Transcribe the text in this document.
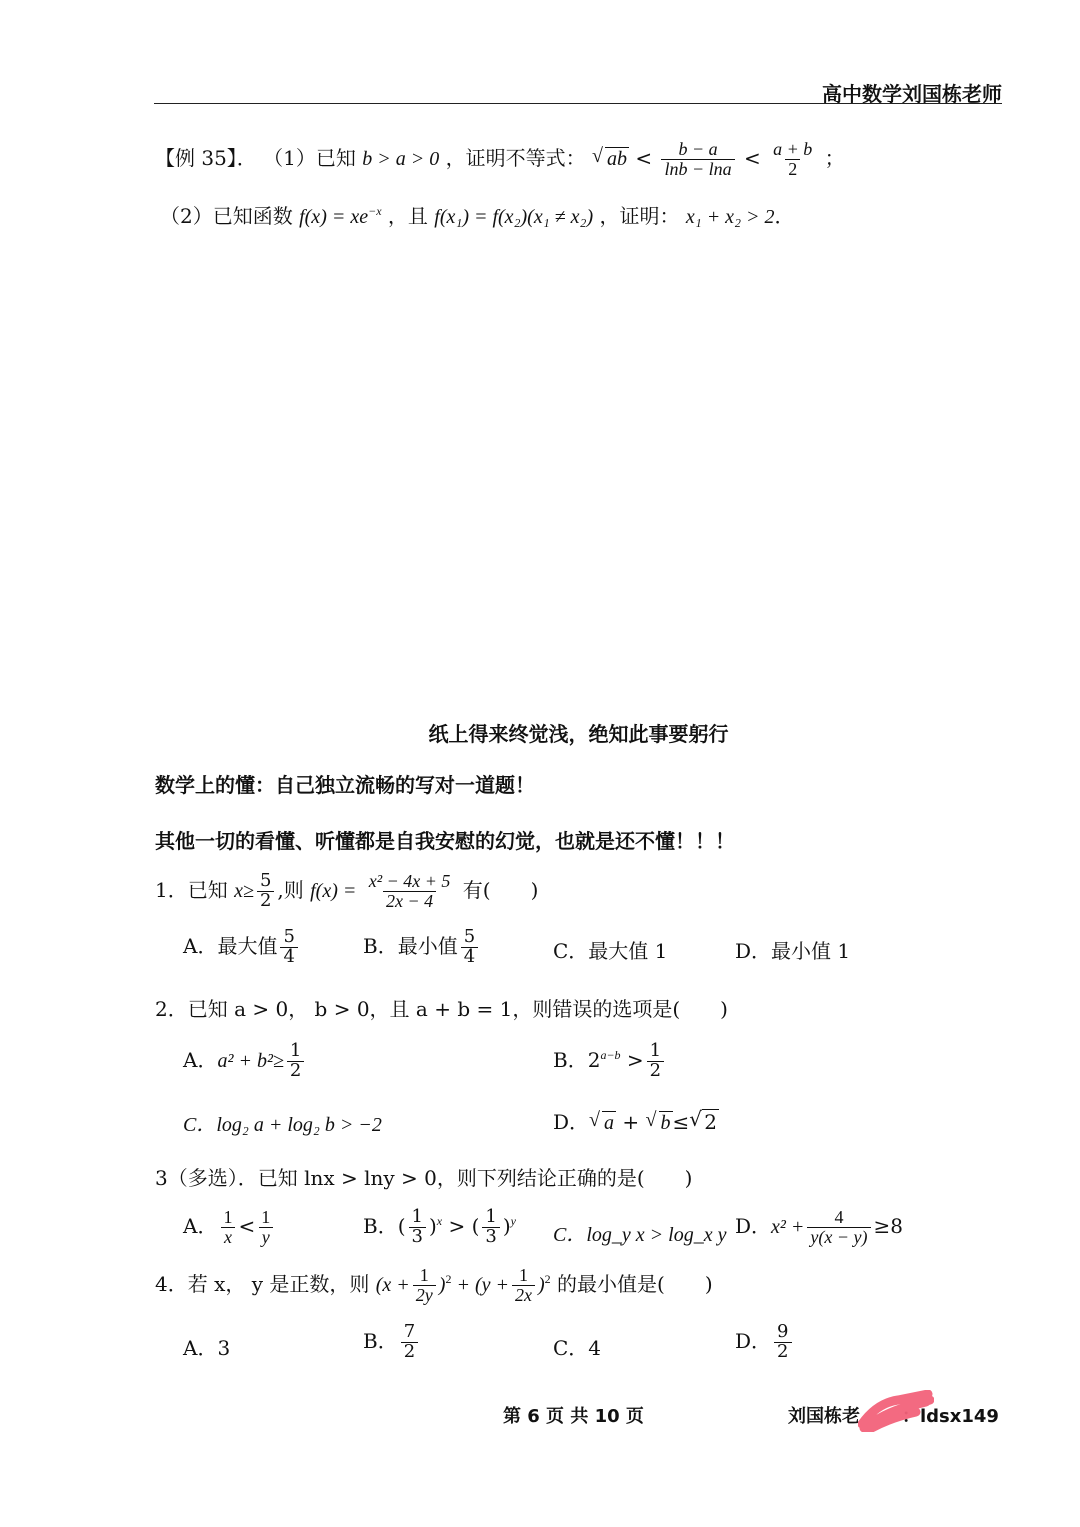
高中数学刘国栋老师
【例 35】． （1）已知 b > a > 0 ，证明不等式： √ ab < $\frac{b - a}{\ln b - \ln a} < \frac{a + b}{2}$ ；
（2）已知函数 $f(x) = xe^{-x}$ ，且 f(x₁) = f(x₂)(x₁ ≠ x₂) ，证明： x₁ + x₂ > 2．
纸上得来终觉浅，绝知此事要躬行
数学上的懂：自己独立流畅的写对一道题！
其他一切的看懂、听懂都是自我安慰的幻觉，也就是还不懂！！！
1．已知 $x\ge \frac{5}{2}$ ,则 $f(x) = \frac{\text{x² − 4x + 5}}{2x - 4}$ 有(　　)
A．最大值 $\frac{5}{4}$	B．最小值 $\frac{5}{4}$	C．最大值 1	D．最小值 1
2．已知 a > 0， b > 0，且 a + b = 1，则错误的选项是(　　)
A．$a^2 + b^2\ge \frac{1}{2}$	B．$2^{a-b} > \frac{1}{2}$
C．log₂ a + log₂ b > −2	D． √ a + √ b ≤ √ 2
3（多选）．已知 lnx > lny > 0，则下列结论正确的是(　　)
A． $\frac{1}{x} < \frac{1}{y}$	B．( $\frac{1}{3} )^x$ > ( $\frac{1}{3} )^y$
C．log_y x > log_x y D．$x^2 + \frac{4}{y(x - y)} \ge 8$
4．若 x， y 是正数，则 $(x + \frac{1}{2y} )^2 + (y + \frac{1}{2x} )^2$ 的最小值是(　　)
A．3	B． $\frac{7}{2}$	C．4	D． $\frac{9}{2}$
第 6 页 共 10 页	刘国栋老 ：ldsx149
